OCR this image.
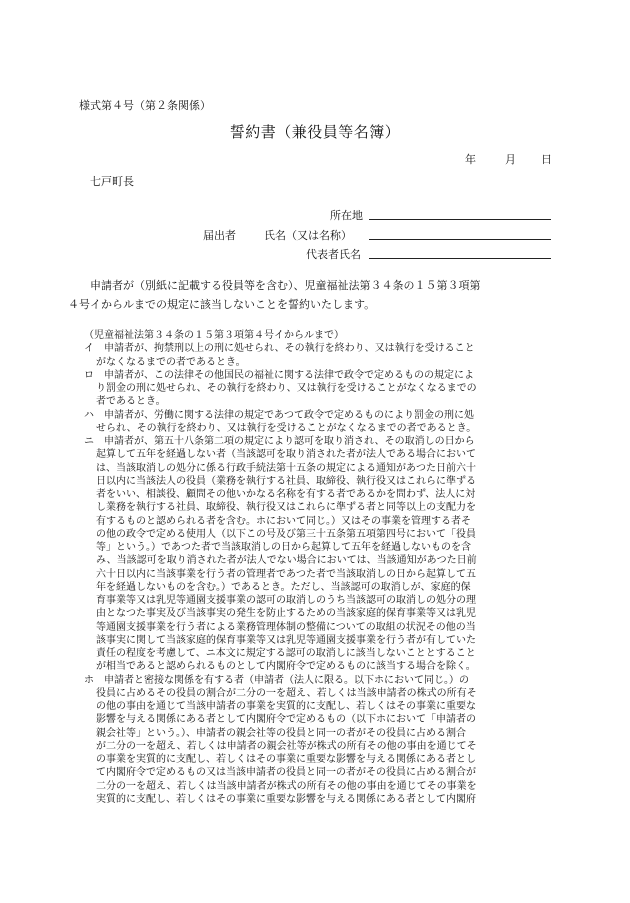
様式第４号（第２条関係）
誓約書（兼役員等名簿）
年	月 日
七戸町長
所在地
届出者	氏名（又は名称）
代表者氏名
申請者が（別紙に記載する役員等を含む）、児童福祉法第３４条の１５第３項第
４号イからルまでの規定に該当しないことを誓約いたします。
（児童福祉法第３４条の１５第３項第４号イからルまで）
イ	申請者が、拘禁刑以上の刑に処せられ、その執行を終わり、又は執行を受けること
がなくなるまでの者であるとき。
ロ	申請者が、この法律その他国民の福祉に関する法律で政令で定めるものの規定によ
り罰金の刑に処せられ、その執行を終わり、又は執行を受けることがなくなるまでの
者であるとき。
ハ	申請者が、労働に関する法律の規定であつて政令で定めるものにより罰金の刑に処
せられ、その執行を終わり、又は執行を受けることがなくなるまでの者であるとき。
ニ	申請者が、第五十八条第二項の規定により認可を取り消され、その取消しの日から
起算して五年を経過しない者（当該認可を取り消された者が法人である場合において
は、当該取消しの処分に係る行政手続法第十五条の規定による通知があつた日前六十
日以内に当該法人の役員（業務を執行する社員、取締役、執行役又はこれらに準ずる
者をいい、相談役、顧問その他いかなる名称を有する者であるかを問わず、法人に対
し業務を執行する社員、取締役、執行役又はこれらに準ずる者と同等以上の支配力を
有するものと認められる者を含む。ホにおいて同じ。）又はその事業を管理する者そ
の他の政令で定める使用人（以下この号及び第三十五条第五項第四号において「役員
等」という。）であつた者で当該取消しの日から起算して五年を経過しないものを含
み、当該認可を取り消された者が法人でない場合においては、当該通知があつた日前
六十日以内に当該事業を行う者の管理者であつた者で当該取消しの日から起算して五
年を経過しないものを含む。）であるとき。ただし、当該認可の取消しが、家庭的保
育事業等又は乳児等通園支援事業の認可の取消しのうち当該認可の取消しの処分の理
由となつた事実及び当該事実の発生を防止するための当該家庭的保育事業等又は乳児
等通園支援事業を行う者による業務管理体制の整備についての取組の状況その他の当
該事実に関して当該家庭的保育事業等又は乳児等通園支援事業を行う者が有していた
責任の程度を考慮して、ニ本文に規定する認可の取消しに該当しないこととすること
が相当であると認められるものとして内閣府令で定めるものに該当する場合を除く。
ホ	申請者と密接な関係を有する者（申請者（法人に限る。以下ホにおいて同じ。）の
役員に占めるその役員の割合が二分の一を超え、若しくは当該申請者の株式の所有そ
の他の事由を通じて当該申請者の事業を実質的に支配し、若しくはその事業に重要な
影響を与える関係にある者として内閣府令で定めるもの（以下ホにおいて「申請者の
親会社等」という。）、申請者の親会社等の役員と同一の者がその役員に占める割合
が二分の一を超え、若しくは申請者の親会社等が株式の所有その他の事由を通じてそ
の事業を実質的に支配し、若しくはその事業に重要な影響を与える関係にある者とし
て内閣府令で定めるもの又は当該申請者の役員と同一の者がその役員に占める割合が
二分の一を超え、若しくは当該申請者が株式の所有その他の事由を通じてその事業を
実質的に支配し、若しくはその事業に重要な影響を与える関係にある者として内閣府
